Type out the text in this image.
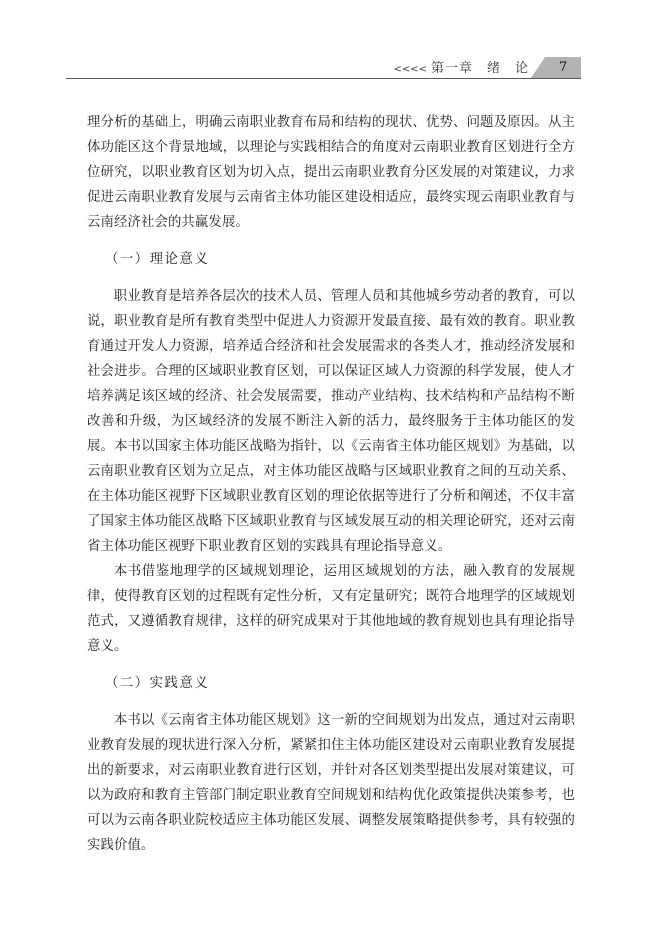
<<<< 第一章　绪　论	7

理分析的基础上，明确云南职业教育布局和结构的现状、优势、问题及原因。从主体功能区这个背景地域，以理论与实践相结合的角度对云南职业教育区划进行全方位研究，以职业教育区划为切入点，提出云南职业教育分区发展的对策建议，力求促进云南职业教育发展与云南省主体功能区建设相适应，最终实现云南职业教育与云南经济社会的共赢发展。

（一）理论意义

职业教育是培养各层次的技术人员、管理人员和其他城乡劳动者的教育，可以说，职业教育是所有教育类型中促进人力资源开发最直接、最有效的教育。职业教育通过开发人力资源，培养适合经济和社会发展需求的各类人才，推动经济发展和社会进步。合理的区域职业教育区划，可以保证区域人力资源的科学发展，使人才培养满足该区域的经济、社会发展需要，推动产业结构、技术结构和产品结构不断改善和升级，为区域经济的发展不断注入新的活力，最终服务于主体功能区的发展。本书以国家主体功能区战略为指针，以《云南省主体功能区规划》为基础，以云南职业教育区划为立足点，对主体功能区战略与区域职业教育之间的互动关系、在主体功能区视野下区域职业教育区划的理论依据等进行了分析和阐述，不仅丰富了国家主体功能区战略下区域职业教育与区域发展互动的相关理论研究，还对云南省主体功能区视野下职业教育区划的实践具有理论指导意义。

本书借鉴地理学的区域规划理论，运用区域规划的方法，融入教育的发展规律，使得教育区划的过程既有定性分析，又有定量研究；既符合地理学的区域规划范式，又遵循教育规律，这样的研究成果对于其他地域的教育规划也具有理论指导意义。

（二）实践意义

本书以《云南省主体功能区规划》这一新的空间规划为出发点，通过对云南职业教育发展的现状进行深入分析，紧紧扣住主体功能区建设对云南职业教育发展提出的新要求，对云南职业教育进行区划，并针对各区划类型提出发展对策建议，可以为政府和教育主管部门制定职业教育空间规划和结构优化政策提供决策参考，也可以为云南各职业院校适应主体功能区发展、调整发展策略提供参考，具有较强的实践价值。
